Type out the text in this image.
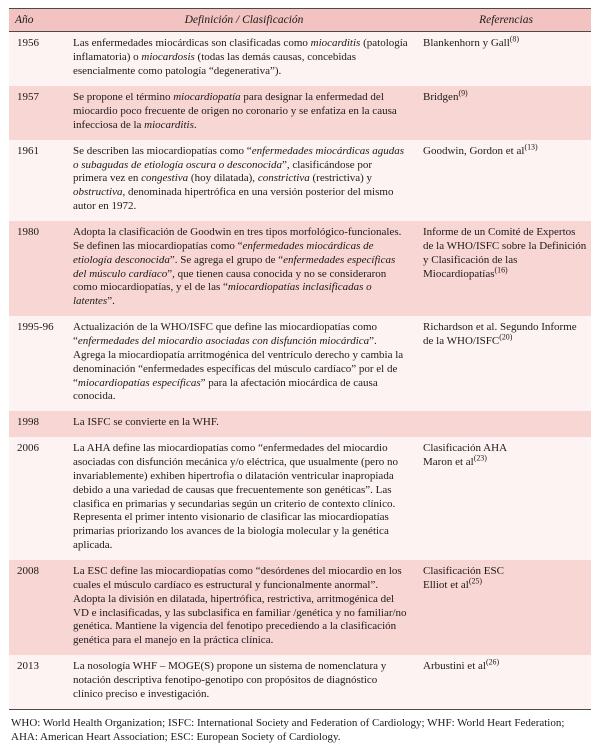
Año	Definición / Clasificación	Referencias
1956	Las enfermedades miocárdicas son clasificadas como miocarditis (patología inflamatoria) o miocardosis (todas las demás causas, concebidas esencialmente como patología “degenerativa”).	Blankenhorn y Gall$^{(8)}$
1957	Se propone el término miocardiopatía para designar la enfermedad del miocardio poco frecuente de origen no coronario y se enfatiza en la causa infecciosa de la miocarditis.	Bridgen$^{(9)}$
1961	Se describen las miocardiopatías como “enfermedades miocárdicas agudas o subagudas de etiología oscura o desconocida”, clasificándose por primera vez en congestiva (hoy dilatada), constrictiva (restrictiva) y obstructiva, denominada hipertrófica en una versión posterior del mismo autor en 1972.	Goodwin, Gordon et $al^{(13)}$
1980	Adopta la clasificación de Goodwin en tres tipos morfológico-funcionales. Se definen las miocardiopatías como “enfermedades miocárdicas de etiología desconocida”. Se agrega el grupo de “enfermedades específicas del músculo cardíaco”, que tienen causa conocida y no se consideraron como miocardiopatías, y el de las “miocardiopatías inclasificadas o latentes”.	Informe de un Comité de Expertos de la WHO/ISFC sobre la Definición y Clasificación de las Miocardiopatías$^{(16)}$
1995-96	Actualización de la WHO/ISFC que define las miocardiopatías como “enfermedades del miocardio asociadas con disfunción miocárdica”. Agrega la miocardiopatía arritmogénica del ventrículo derecho y cambia la denominación “enfermedades específicas del músculo cardíaco” por el de “miocardiopatías específicas” para la afectación miocárdica de causa conocida.	Richardson et al. Segundo Informe de la WHO/ISFC$^{(20)}$
1998	La ISFC se convierte en la WHF.	
2006	La AHA define las miocardiopatías como “enfermedades del miocardio asociadas con disfunción mecánica y/o eléctrica, que usualmente (pero no invariablemente) exhiben hipertrofia o dilatación ventricular inapropiada debido a una variedad de causas que frecuentemente son genéticas”. Las clasifica en primarias y secundarias según un criterio de contexto clínico. Representa el primer intento visionario de clasificar las miocardiopatías primarias priorizando los avances de la biología molecular y la genética aplicada.	Clasificación AHA
Maron et $al^{(23)}$
2008	La ESC define las miocardiopatías como “desórdenes del miocardio en los cuales el músculo cardíaco es estructural y funcionalmente anormal”. Adopta la división en dilatada, hipertrófica, restrictiva, arritmogénica del VD e inclasificadas, y las subclasifica en familiar /genética y no familiar/no genética. Mantiene la vigencia del fenotipo precediendo a la clasificación genética para el manejo en la práctica clínica.	Clasificación ESC
Elliot et $al^{(25)}$
2013	La nosología WHF – MOGE(S) propone un sistema de nomenclatura y notación descriptiva fenotipo-genotipo con propósitos de diagnóstico clínico preciso e investigación.	Arbustini et $al^{(26)}$
WHO: World Health Organization; ISFC: International Society and Federation of Cardiology; WHF: World Heart Federation; AHA: American Heart Association; ESC: European Society of Cardiology.
